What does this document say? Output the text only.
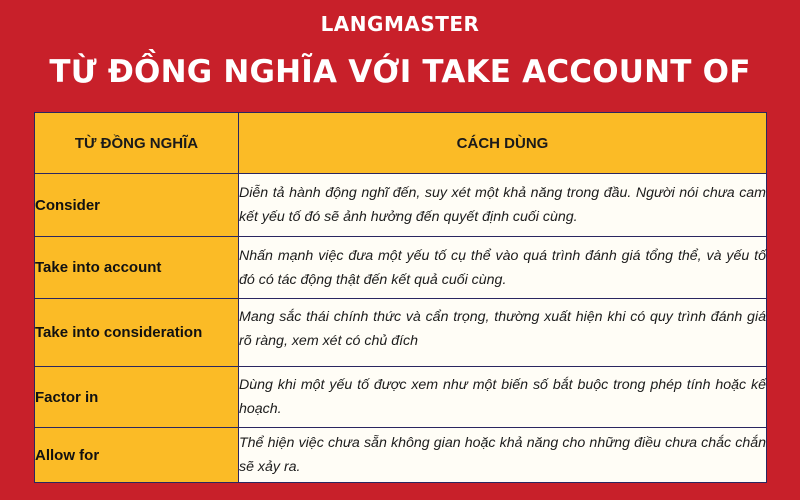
LANGMASTER
TỪ ĐỒNG NGHĨA VỚI TAKE ACCOUNT OF
TỪ ĐỒNG NGHĨA	CÁCH DÙNG
Consider	Diễn tả hành động nghĩ đến, suy xét một khả năng trong đầu. Người nói chưa cam kết yếu tố đó sẽ ảnh hưởng đến quyết định cuối cùng.
Take into account	Nhấn mạnh việc đưa một yếu tố cụ thể vào quá trình đánh giá tổng thể, và yếu tố đó có tác động thật đến kết quả cuối cùng.
Take into consideration	Mang sắc thái chính thức và cẩn trọng, thường xuất hiện khi có quy trình đánh giá rõ ràng, xem xét có chủ đích
Factor in	Dùng khi một yếu tố được xem như một biến số bắt buộc trong phép tính hoặc kế hoạch.
Allow for	Thể hiện việc chưa sẵn không gian hoặc khả năng cho những điều chưa chắc chắn sẽ xảy ra.
